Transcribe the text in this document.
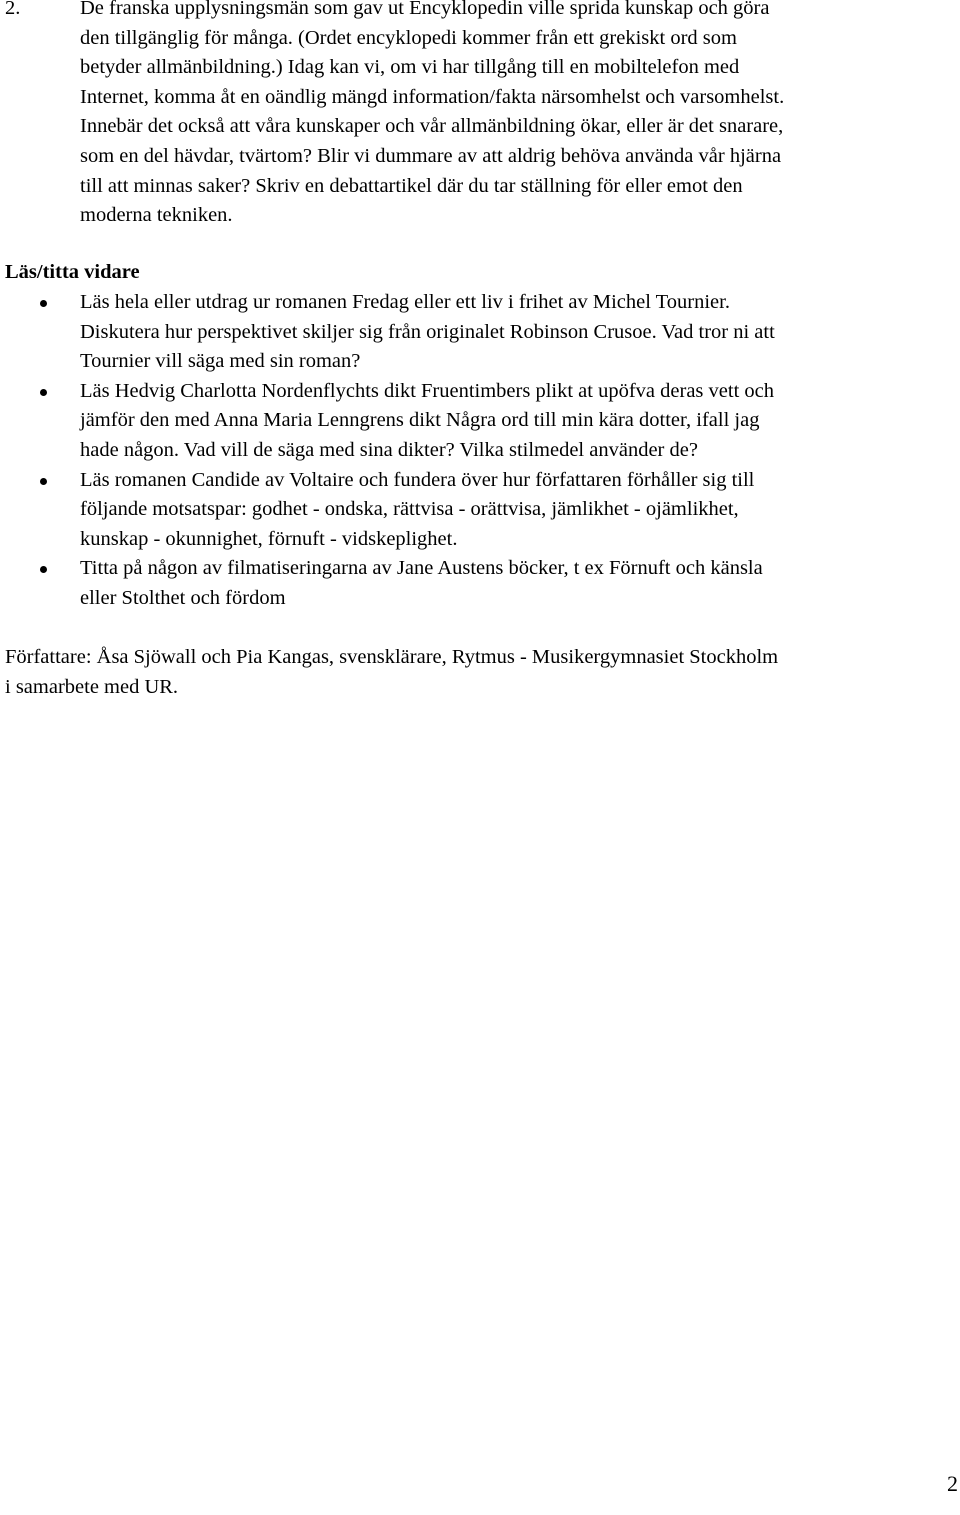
2.	De franska upplysningsmän som gav ut Encyklopedin ville sprida kunskap och göra

den tillgänglig för många. (Ordet encyklopedi kommer från ett grekiskt ord som

betyder allmänbildning.) Idag kan vi, om vi har tillgång till en mobiltelefon med

Internet, komma åt en oändlig mängd information/fakta närsomhelst och varsomhelst.

Innebär det också att våra kunskaper och vår allmänbildning ökar, eller är det snarare,

som en del hävdar, tvärtom? Blir vi dummare av att aldrig behöva använda vår hjärna

till att minnas saker? Skriv en debattartikel där du tar ställning för eller emot den

moderna tekniken.

Läs/titta vidare
Läs hela eller utdrag ur romanen Fredag eller ett liv i frihet av Michel Tournier.
Diskutera hur perspektivet skiljer sig från originalet Robinson Crusoe. Vad tror ni att
Tournier vill säga med sin roman?
Läs Hedvig Charlotta Nordenflychts dikt Fruentimbers plikt at upöfva deras vett och
jämför den med Anna Maria Lenngrens dikt Några ord till min kära dotter, ifall jag
hade någon. Vad vill de säga med sina dikter? Vilka stilmedel använder de?
Läs romanen Candide av Voltaire och fundera över hur författaren förhåller sig till
följande motsatspar: godhet - ondska, rättvisa - orättvisa, jämlikhet - ojämlikhet,
kunskap - okunnighet, förnuft - vidskeplighet.
Titta på någon av filmatiseringarna av Jane Austens böcker, t ex Förnuft och känsla
eller Stolthet och fördom
Författare: Åsa Sjöwall och Pia Kangas, svensklärare, Rytmus - Musikergymnasiet Stockholm
i samarbete med UR.

2
